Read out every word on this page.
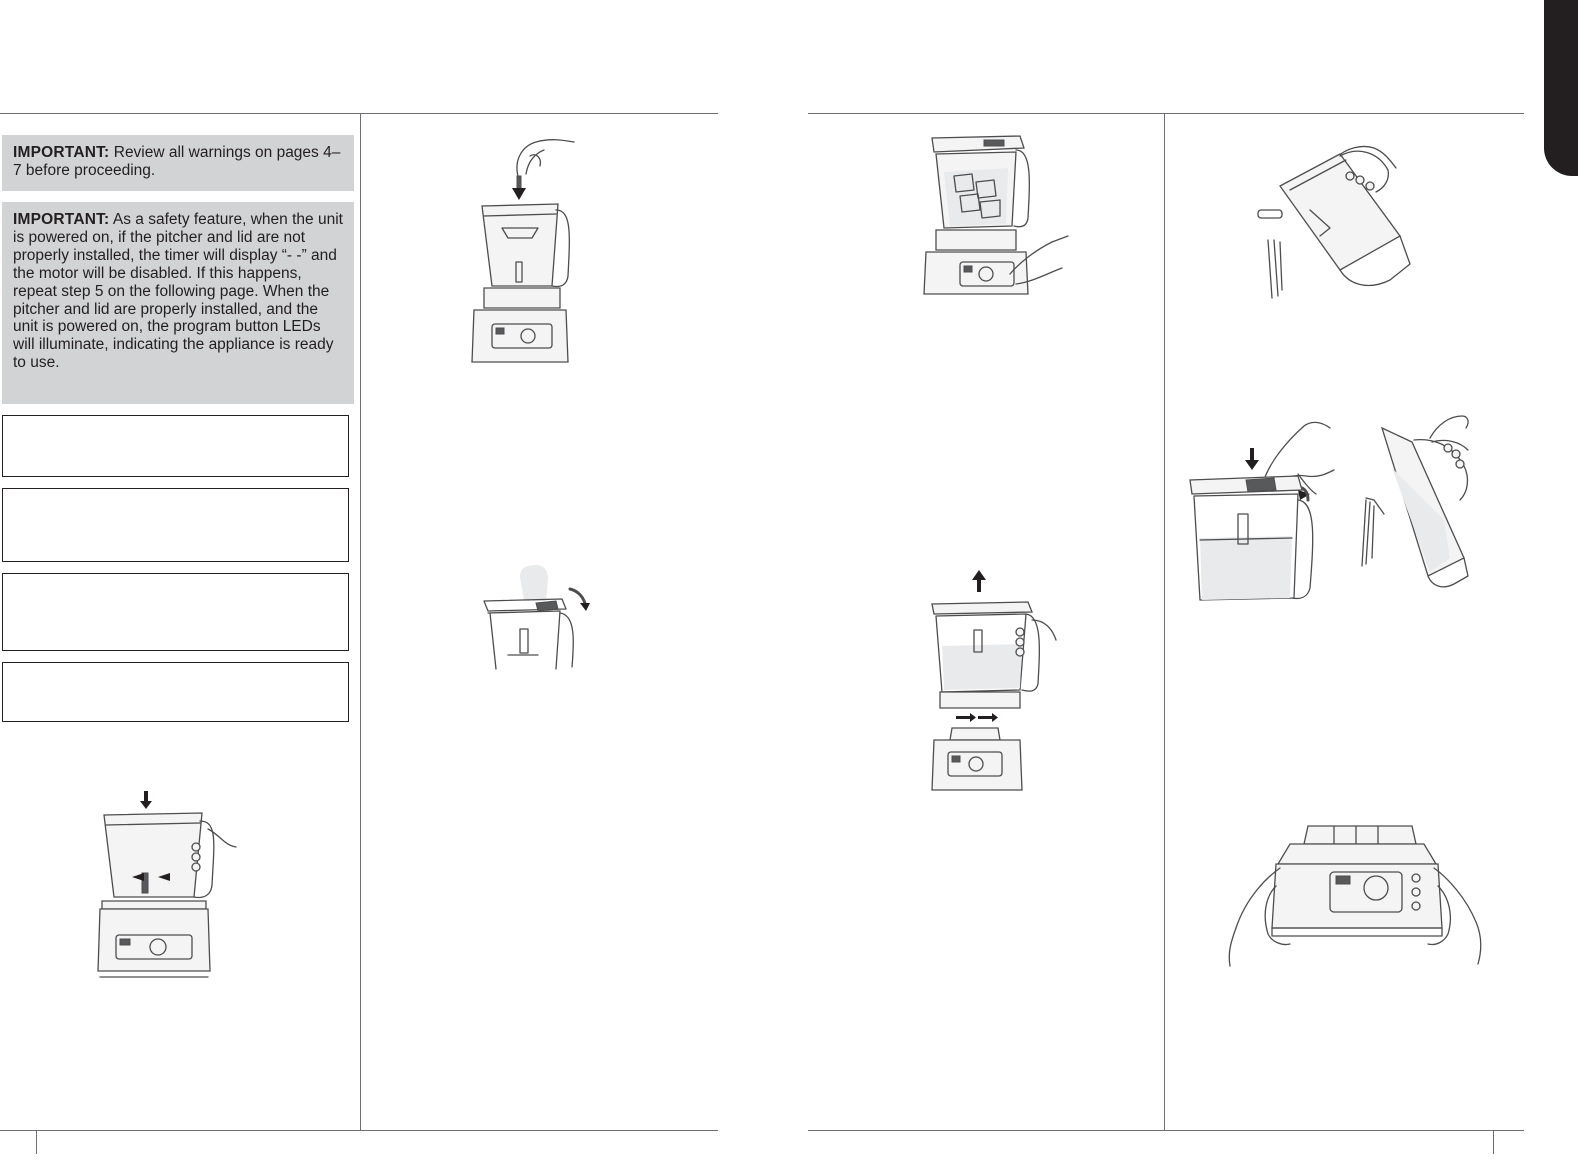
IMPORTANT: Review all warnings on pages 4–7 before proceeding.
IMPORTANT: As a safety feature, when the unit is powered on, if the pitcher and lid are not properly installed, the timer will display “- -” and the motor will be disabled. If this happens, repeat step 5 on the following page. When the pitcher and lid are properly installed, and the unit is powered on, the program button LEDs will illuminate, indicating the appliance is ready to use.
